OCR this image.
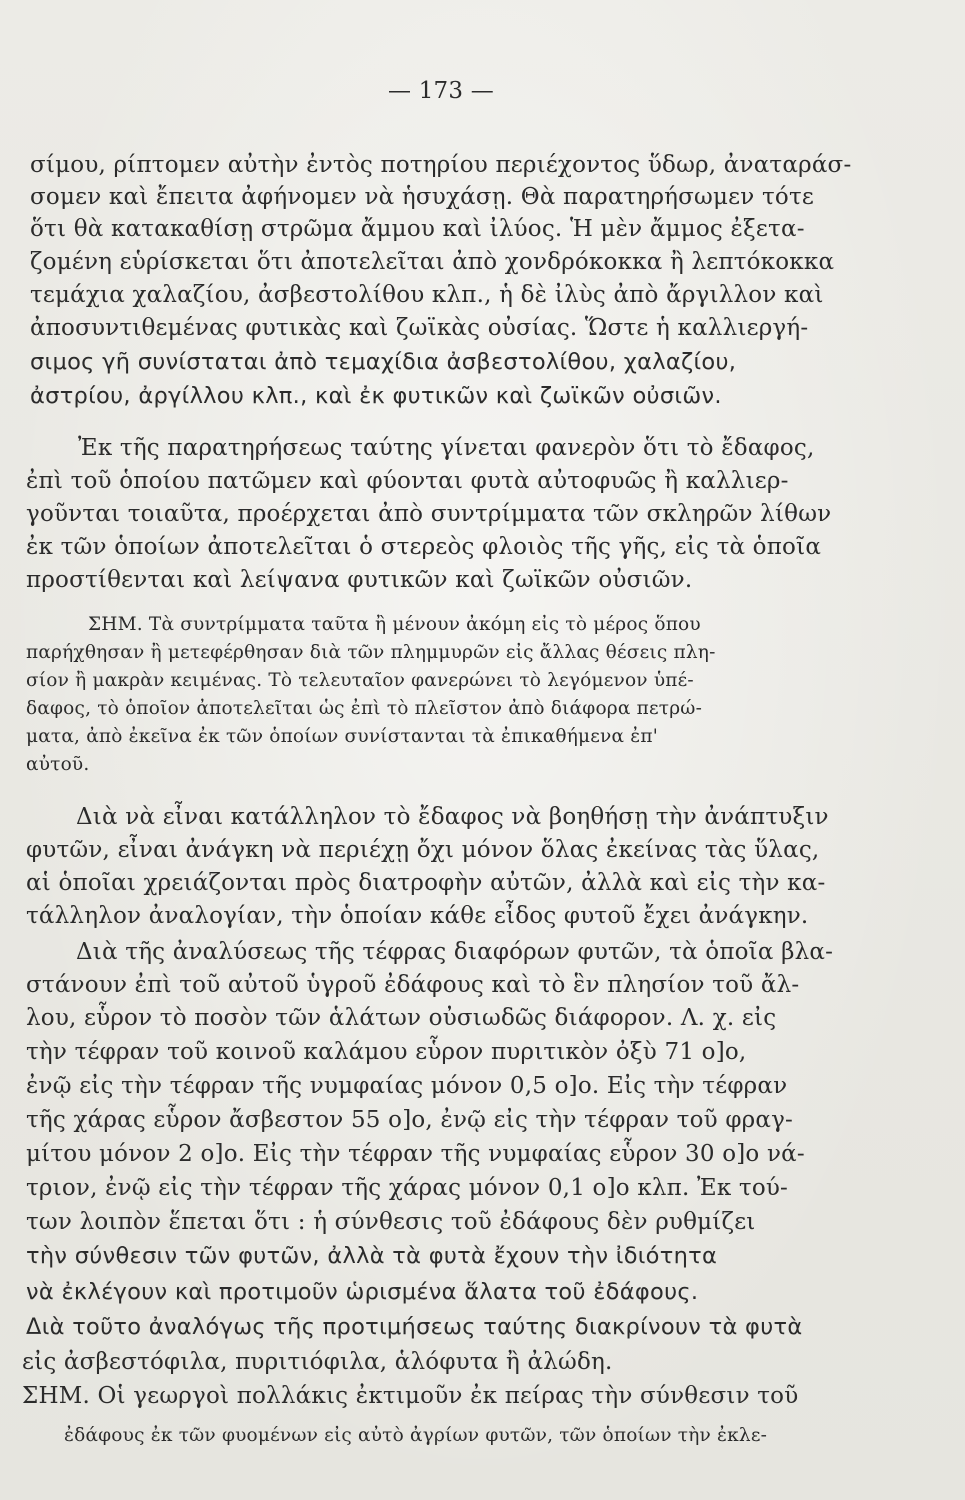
— 173 —
σίμου, ρίπτομεν αὐτὴν ἐντὸς ποτηρίου περιέχοντος ὕδωρ, ἀναταράσ-
σομεν καὶ ἔπειτα ἀφήνομεν νὰ ἡσυχάσῃ. Θὰ παρατηρήσωμεν τότε
ὅτι θὰ κατακαθίσῃ στρῶμα ἄμμου καὶ ἰλύος. Ἡ μὲν ἄμμος ἐξετα-
ζομένη εὑρίσκεται ὅτι ἀποτελεῖται ἀπὸ χονδρόκοκκα ἢ λεπτόκοκκα
τεμάχια χαλαζίου, ἀσβεστολίθου κλπ., ἡ δὲ ἰλὺς ἀπὸ ἄργιλλον καὶ
ἀποσυντιθεμένας φυτικὰς καὶ ζωϊκὰς οὐσίας. Ὥστε ἡ καλλιεργή-
σιμος γῆ συνίσταται ἀπὸ τεμαχίδια ἀσβεστολίθου, χαλαζίου,
ἀστρίου, ἀργίλλου κλπ., καὶ ἐκ φυτικῶν καὶ ζωϊκῶν οὐσιῶν.
Ἐκ τῆς παρατηρήσεως ταύτης γίνεται φανερὸν ὅτι τὸ ἔδαφος,
ἐπὶ τοῦ ὁποίου πατῶμεν καὶ φύονται φυτὰ αὐτοφυῶς ἢ καλλιερ-
γοῦνται τοιαῦτα, προέρχεται ἀπὸ συντρίμματα τῶν σκληρῶν λίθων
ἐκ τῶν ὁποίων ἀποτελεῖται ὁ στερεὸς φλοιὸς τῆς γῆς, εἰς τὰ ὁποῖα
προστίθενται καὶ λείψανα φυτικῶν καὶ ζωϊκῶν οὐσιῶν.
ΣΗΜ. Τὰ συντρίμματα ταῦτα ἢ μένουν ἀκόμη εἰς τὸ μέρος ὅπου
παρήχθησαν ἢ μετεφέρθησαν διὰ τῶν πλημμυρῶν εἰς ἄλλας θέσεις πλη-
σίον ἢ μακρὰν κειμένας. Τὸ τελευταῖον φανερώνει τὸ λεγόμενον ὑπέ-
δαφος, τὸ ὁποῖον ἀποτελεῖται ὡς ἐπὶ τὸ πλεῖστον ἀπὸ διάφορα πετρώ-
ματα, ἀπὸ ἐκεῖνα ἐκ τῶν ὁποίων συνίστανται τὰ ἐπικαθήμενα ἐπ'
αὐτοῦ.
Διὰ νὰ εἶναι κατάλληλον τὸ ἔδαφος νὰ βοηθήσῃ τὴν ἀνάπτυξιν
φυτῶν, εἶναι ἀνάγκη νὰ περιέχῃ ὄχι μόνον ὅλας ἐκείνας τὰς ὕλας,
αἱ ὁποῖαι χρειάζονται πρὸς διατροφὴν αὐτῶν, ἀλλὰ καὶ εἰς τὴν κα-
τάλληλον ἀναλογίαν, τὴν ὁποίαν κάθε εἶδος φυτοῦ ἔχει ἀνάγκην.
Διὰ τῆς ἀναλύσεως τῆς τέφρας διαφόρων φυτῶν, τὰ ὁποῖα βλα-
στάνουν ἐπὶ τοῦ αὐτοῦ ὑγροῦ ἐδάφους καὶ τὸ ἓν πλησίον τοῦ ἄλ-
λου, εὗρον τὸ ποσὸν τῶν ἁλάτων οὐσιωδῶς διάφορον. Λ. χ. εἰς
τὴν τέφραν τοῦ κοινοῦ καλάμου εὗρον πυριτικὸν ὀξὺ 71 ο]ο,
ἐνῷ εἰς τὴν τέφραν τῆς νυμφαίας μόνον 0,5 ο]ο. Εἰς τὴν τέφραν
τῆς χάρας εὗρον ἄσβεστον 55 ο]ο, ἐνῷ εἰς τὴν τέφραν τοῦ φραγ-
μίτου μόνον 2 ο]ο. Εἰς τὴν τέφραν τῆς νυμφαίας εὗρον 30 ο]ο νά-
τριον, ἐνῷ εἰς τὴν τέφραν τῆς χάρας μόνον 0,1 ο]ο κλπ. Ἐκ τού-
των λοιπὸν ἕπεται ὅτι : ἡ σύνθεσις τοῦ ἐδάφους δὲν ρυθμίζει
τὴν σύνθεσιν τῶν φυτῶν, ἀλλὰ τὰ φυτὰ ἔχουν τὴν ἰδιότητα
νὰ ἐκλέγουν καὶ προτιμοῦν ὡρισμένα ἅλατα τοῦ ἐδάφους.
Διὰ τοῦτο ἀναλόγως τῆς προτιμήσεως ταύτης διακρίνουν τὰ φυτὰ
εἰς ἀσβεστόφιλα, πυριτιόφιλα, ἁλόφυτα ἢ ἀλώδη.
ΣΗΜ. Οἱ γεωργοὶ πολλάκις ἐκτιμοῦν ἐκ πείρας τὴν σύνθεσιν τοῦ
ἐδάφους ἐκ τῶν φυομένων εἰς αὐτὸ ἀγρίων φυτῶν, τῶν ὁποίων τὴν ἐκλε-
